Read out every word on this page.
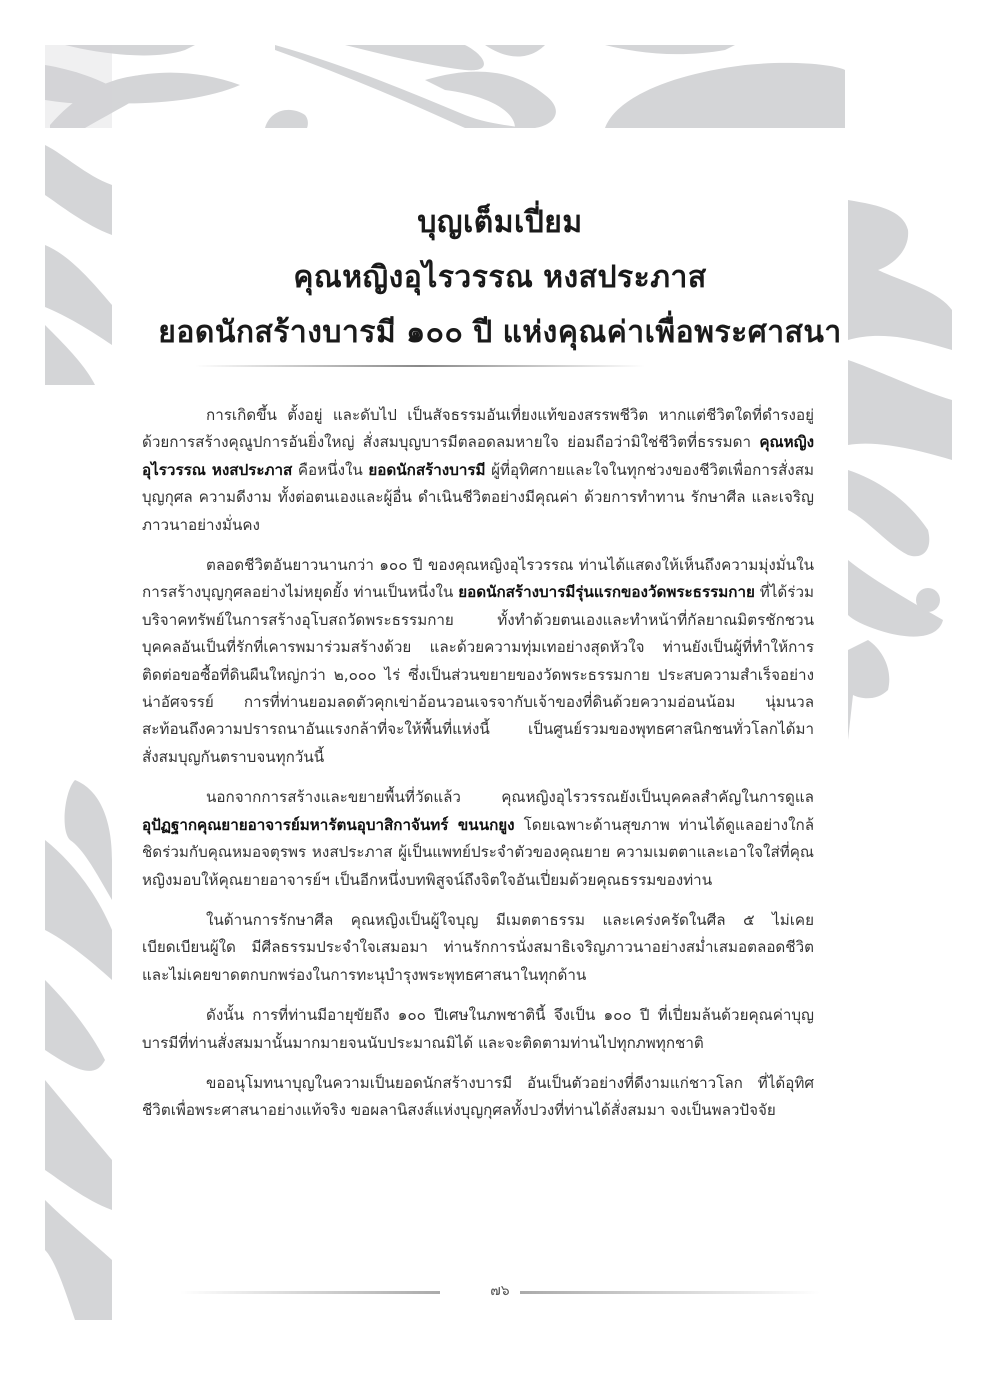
บุญเต็มเปี่ยม

คุณหญิงอุไรวรรณ หงสประภาส

ยอดนักสร้างบารมี ๑๐๐ ปี แห่งคุณค่าเพื่อพระศาสนา

การเกิดขึ้น ตั้งอยู่ และดับไป เป็นสัจธรรมอันเที่ยงแท้ของสรรพชีวิต หากแต่ชีวิตใดที่ดำรงอยู่ด้วยการสร้างคุณูปการอันยิ่งใหญ่ สั่งสมบุญบารมีตลอดลมหายใจ ย่อมถือว่ามิใช่ชีวิตที่ธรรมดา คุณหญิงอุไรวรรณ หงสประภาส คือหนึ่งใน ยอดนักสร้างบารมี ผู้ที่อุทิศกายและใจในทุกช่วงของชีวิตเพื่อการสั่งสมบุญกุศล ความดีงาม ทั้งต่อตนเองและผู้อื่น ดำเนินชีวิตอย่างมีคุณค่า ด้วยการทำทาน รักษาศีล และเจริญภาวนาอย่างมั่นคง

ตลอดชีวิตอันยาวนานกว่า ๑๐๐ ปี ของคุณหญิงอุไรวรรณ ท่านได้แสดงให้เห็นถึงความมุ่งมั่นในการสร้างบุญกุศลอย่างไม่หยุดยั้ง ท่านเป็นหนึ่งใน ยอดนักสร้างบารมีรุ่นแรกของวัดพระธรรมกาย ที่ได้ร่วมบริจาคทรัพย์ในการสร้างอุโบสถวัดพระธรรมกาย ทั้งทำด้วยตนเองและทำหน้าที่กัลยาณมิตรชักชวนบุคคลอันเป็นที่รักที่เคารพมาร่วมสร้างด้วย และด้วยความทุ่มเทอย่างสุดหัวใจ ท่านยังเป็นผู้ที่ทำให้การติดต่อขอซื้อที่ดินผืนใหญ่กว่า ๒,๐๐๐ ไร่ ซึ่งเป็นส่วนขยายของวัดพระธรรมกาย ประสบความสำเร็จอย่างน่าอัศจรรย์ การที่ท่านยอมลดตัวคุกเข่าอ้อนวอนเจรจากับเจ้าของที่ดินด้วยความอ่อนน้อม นุ่มนวล สะท้อนถึงความปรารถนาอันแรงกล้าที่จะให้พื้นที่แห่งนี้ เป็นศูนย์รวมของพุทธศาสนิกชนทั่วโลกได้มาสั่งสมบุญกันตราบจนทุกวันนี้

นอกจากการสร้างและขยายพื้นที่วัดแล้ว คุณหญิงอุไรวรรณยังเป็นบุคคลสำคัญในการดูแล อุปัฏฐากคุณยายอาจารย์มหารัตนอุบาสิกาจันทร์ ขนนกยูง โดยเฉพาะด้านสุขภาพ ท่านได้ดูแลอย่างใกล้ชิดร่วมกับคุณหมอจตุรพร หงสประภาส ผู้เป็นแพทย์ประจำตัวของคุณยาย ความเมตตาและเอาใจใส่ที่คุณหญิงมอบให้คุณยายอาจารย์ฯ เป็นอีกหนึ่งบทพิสูจน์ถึงจิตใจอันเปี่ยมด้วยคุณธรรมของท่าน

ในด้านการรักษาศีล คุณหญิงเป็นผู้ใจบุญ มีเมตตาธรรม และเคร่งครัดในศีล ๕ ไม่เคยเบียดเบียนผู้ใด มีศีลธรรมประจำใจเสมอมา ท่านรักการนั่งสมาธิเจริญภาวนาอย่างสม่ำเสมอตลอดชีวิต และไม่เคยขาดตกบกพร่องในการทะนุบำรุงพระพุทธศาสนาในทุกด้าน

ดังนั้น การที่ท่านมีอายุขัยถึง ๑๐๐ ปีเศษในภพชาตินี้ จึงเป็น ๑๐๐ ปี ที่เปี่ยมล้นด้วยคุณค่าบุญบารมีที่ท่านสั่งสมมานั้นมากมายจนนับประมาณมิได้ และจะติดตามท่านไปทุกภพทุกชาติ

ขออนุโมทนาบุญในความเป็นยอดนักสร้างบารมี อันเป็นตัวอย่างที่ดีงามแก่ชาวโลก ที่ได้อุทิศชีวิตเพื่อพระศาสนาอย่างแท้จริง ขอผลานิสงส์แห่งบุญกุศลทั้งปวงที่ท่านได้สั่งสมมา จงเป็นพลวปัจจัย

๗๖
